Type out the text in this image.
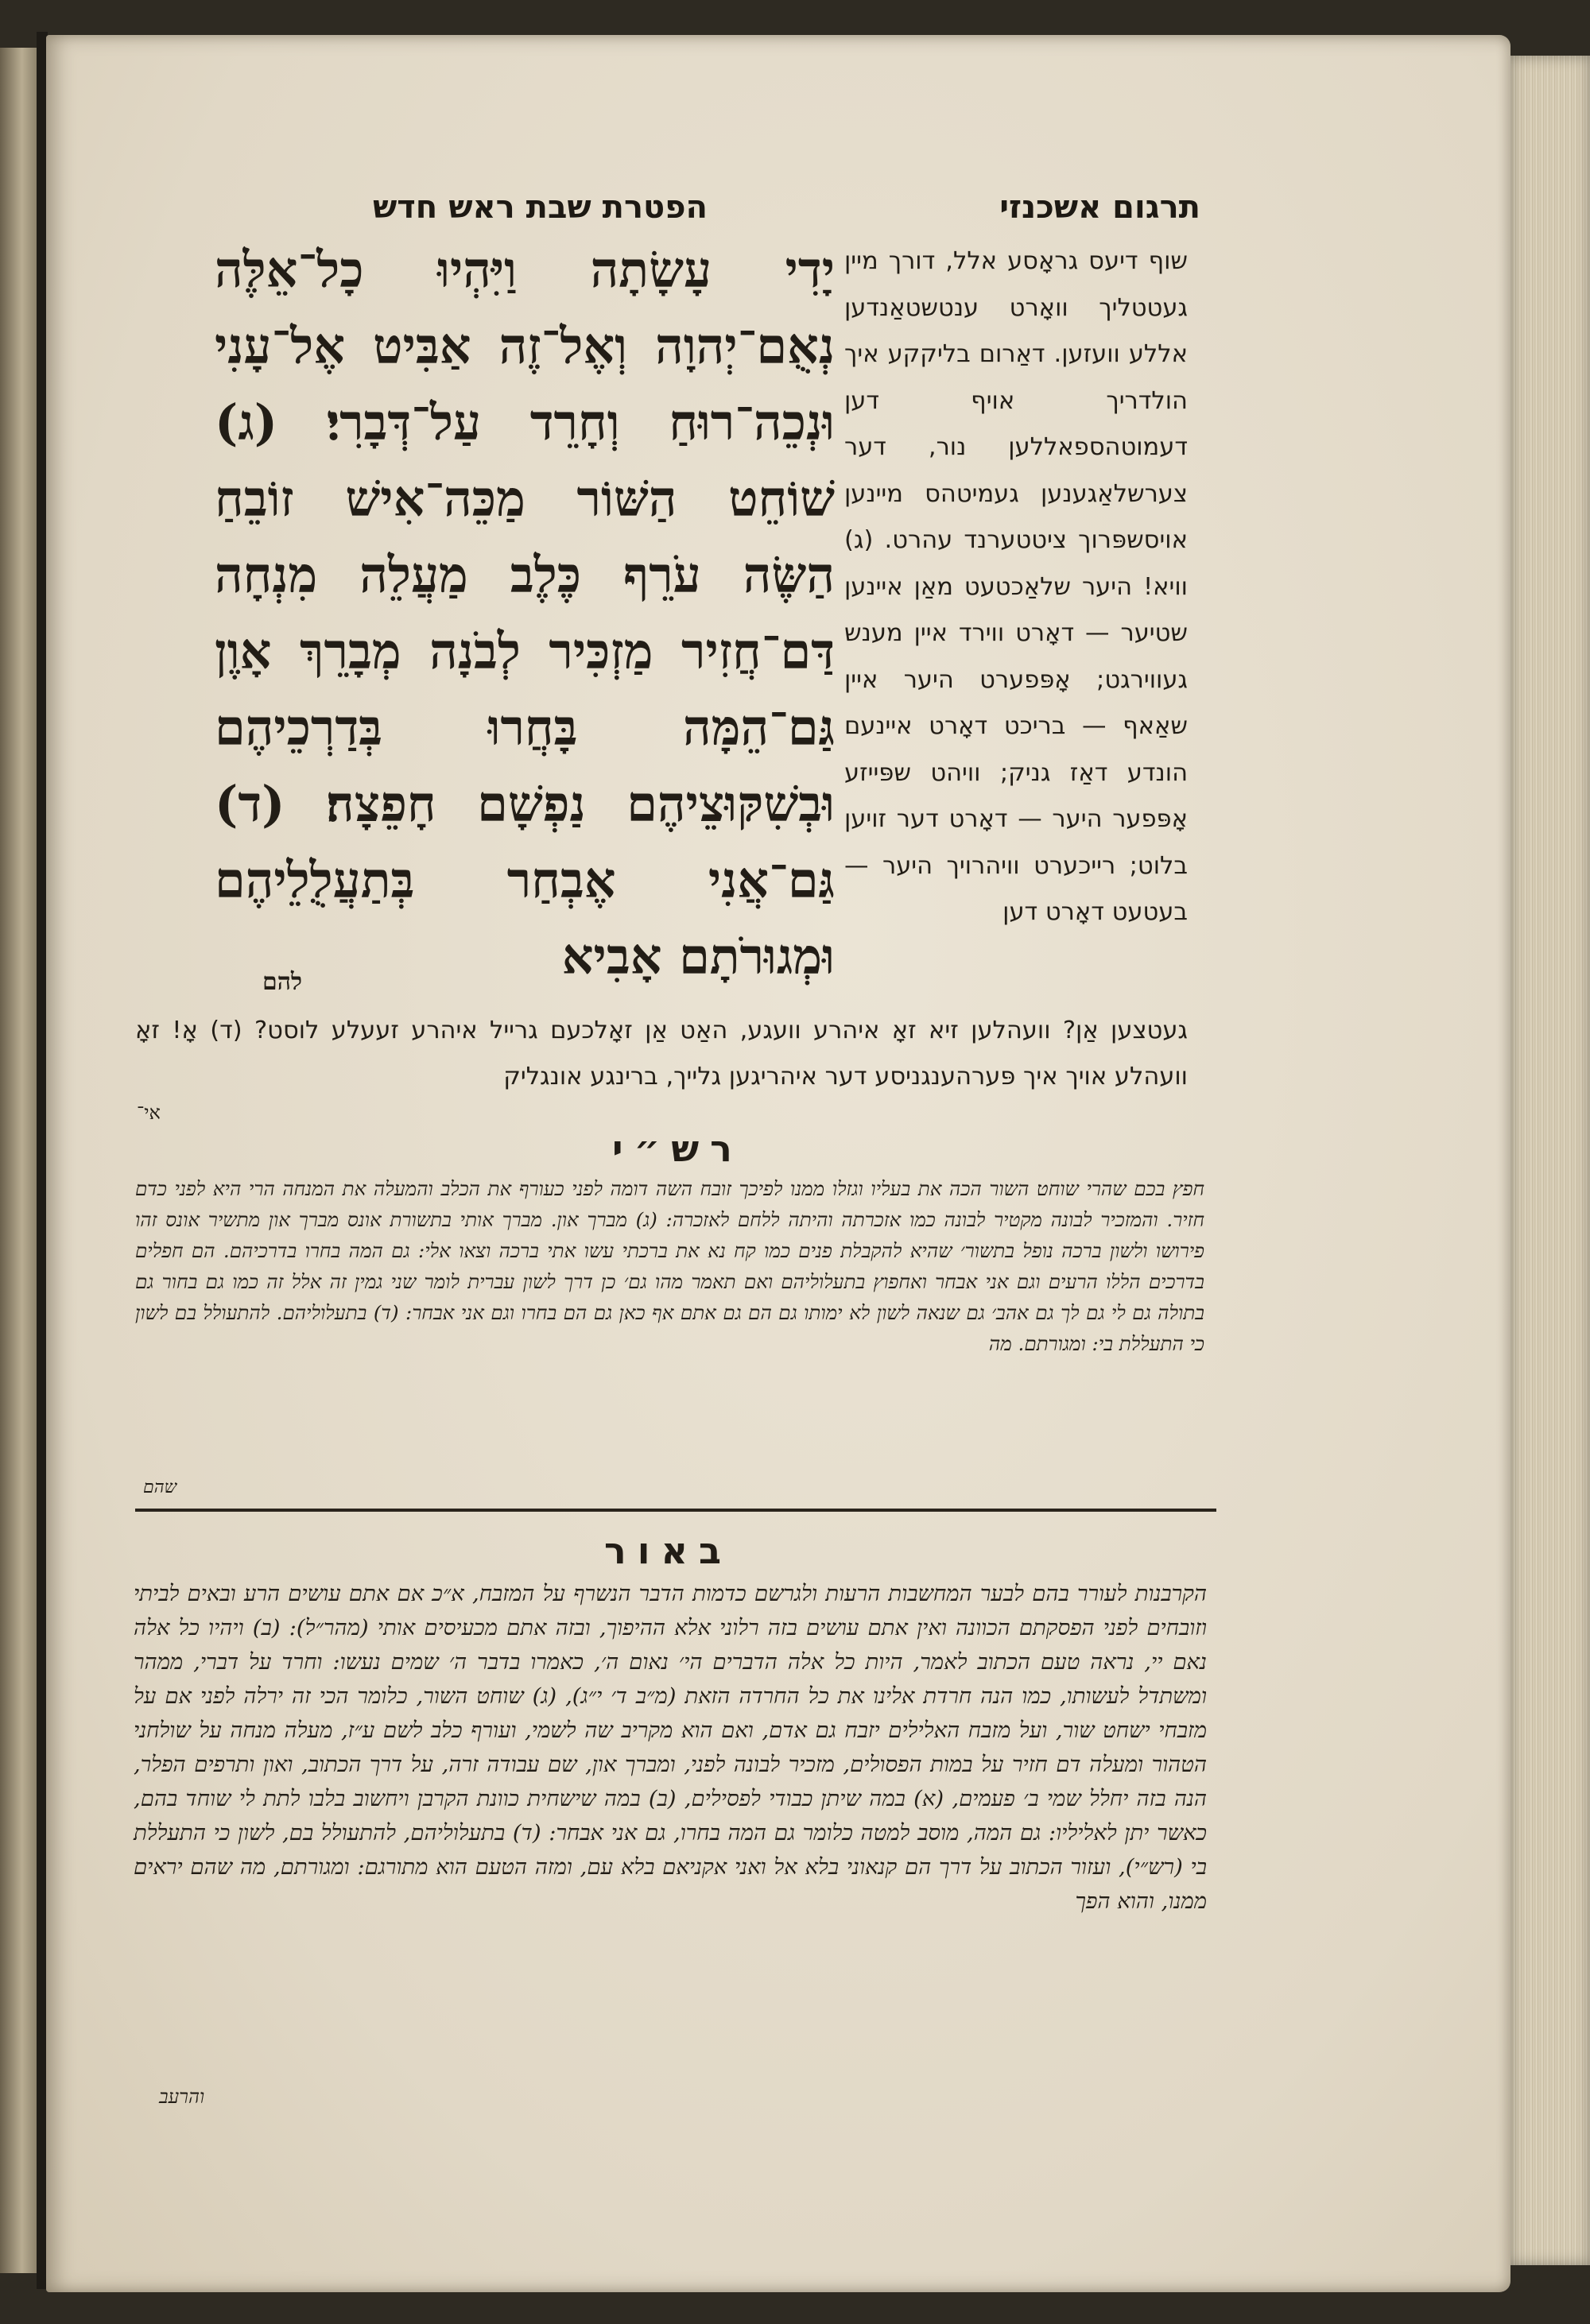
תרגום אשכנזי
הפטרת שבת ראש חדש
יָדִי עָשָׂתָה וַיִּהְיוּ כָל־אֵלֶּה נְאֻם־יְהוָה וְאֶל־זֶה אַבִּיט אֶל־עָנִי וּנְכֵה־רוּחַ וְחָרֵד עַל־דְּבָרִי׃ (ג) שׁוֹחֵט הַשּׁוֹר מַכֵּה־אִישׁ זוֹבֵחַ הַשֶּׂה עֹרֵף כֶּלֶב מַעֲלֵה מִנְחָה דַּם־חֲזִיר מַזְכִּיר לְבֹנָה מְבָרֵךְ אָוֶן גַּם־הֵמָּה בָּחֲרוּ בְּדַרְכֵיהֶם וּבְשִׁקּוּצֵיהֶם נַפְשָׁם חָפֵצָה׃ (ד) גַּם־אֲנִי אֶבְחַר בְּתַעֲלֻלֵיהֶם וּמְגוּרֹתָם אָבִיא
להם
שוף דיעס גראָסע אלל, דורך מיין געטטליך וואָרט ענטשטאַנדען אללע וועזען. דאַרום בליקקע איך הולדריך אויף דען דעמוטהספאללען נור, דער צערשלאַגענען געמיטהס מיינען אויסשפּרוך ציטטערנד עהרט. (ג) וויא! היער שלאַכטעט מאַן איינען שטיער — דאָרט ווירד איין מענש געווירגט; אָפּפערט היער איין שאַאף — בריכט דאָרט איינעם הונדע דאַז גניק; וויהט שפּייזע אָפּפער היער — דאָרט דער זויען בלוט; רייכערט וויהרויך היער — בעטעט דאָרט דען
געטצען אַן? וועהלען זיא זאָ איהרע וועגע, האַט אַן זאָלכעם גרייל איהרע זעעלע לוסט? (ד) אָ! זאָ וועהלע אויך איך פּערהענגניסע דער איהריגען גלייך, ברינגע אונגליק
אי־
רש״י
חפץ בכם שהרי שוחט השור הכה את בעליו וגזלו ממנו לפיכך זובח השה דומה לפני כעורף את הכלב והמעלה את המנחה הרי היא לפני כדם חזיר. והמזכיר לבונה מקטיר לבונה כמו אזכרתה והיתה ללחם לאזכרה: (ג) מברך און. מברך אותי בתשורת אונס מברך און מתשיר אונס זהו פירושו ולשון ברכה נופל בתשור׳ שהיא להקבלת פנים כמו קח נא את ברכתי עשו אתי ברכה וצאו אלי: גם המה בחרו בדרכיהם. הם חפלים בדרכים הללו הרעים וגם אני אבחר ואחפוץ בתעלוליהם ואם תאמר מהו גם׳ כן דרך לשון עברית לומר שני גמין זה אלל זה כמו גם בחור גם בתולה גם לי גם לך גם אהב׳ גם שנאה לשון לא ימותו גם הם גם אתם אף כאן גם הם בחרו וגם אני אבחר: (ד) בתעלוליהם. להתעולל בם לשון כי התעללת בי: ומגורתם. מה
שהם
באור
הקרבנות לעורר בהם לבער המחשבות הרעות ולגרשם כדמות הדבר הנשרף על המזבח, א״כ אם אתם עושים הרע ובאים לביתי וזובחים לפני הפסקתם הכוונה ואין אתם עושים בזה רלוני אלא ההיפוך, ובזה אתם מכעיסים אותי (מהר״ל): (ב) ויהיו כל אלה נאם יי, נראה טעם הכתוב לאמר, היות כל אלה הדברים הי׳ נאום ה׳, כאמרו בדבר ה׳ שמים נעשו: וחרד על דברי, ממהר ומשתדל לעשותו, כמו הנה חרדת אלינו את כל החרדה הזאת (מ״ב ד׳ י״ג), (ג) שוחט השור, כלומר הכי זה ירלה לפני אם על מזבחי ישחט שור, ועל מזבח האלילים יזבח גם אדם, ואם הוא מקריב שה לשמי, ועורף כלב לשם ע״ז, מעלה מנחה על שולחני הטהור ומעלה דם חזיר על במות הפסולים, מזכיר לבונה לפני, ומברך און, שם עבודה זרה, על דרך הכתוב, ואון ותרפים הפלר, הנה בזה יחלל שמי ב׳ פעמים, (א) במה שיתן כבודי לפסילים, (ב) במה שישחית כוונת הקרבן ויחשוב בלבו לתת לי שוחד בהם, כאשר יתן לאליליו: גם המה, מוסב למטה כלומר גם המה בחרו, גם אני אבחר: (ד) בתעלוליהם, להתעולל בם, לשון כי התעללת בי (רש״י), ועזור הכתוב על דרך הם קנאוני בלא אל ואני אקניאם בלא עם, ומזה הטעם הוא מתורגם: ומגורתם, מה שהם יראים ממנו, והוא הפך
והרעב
